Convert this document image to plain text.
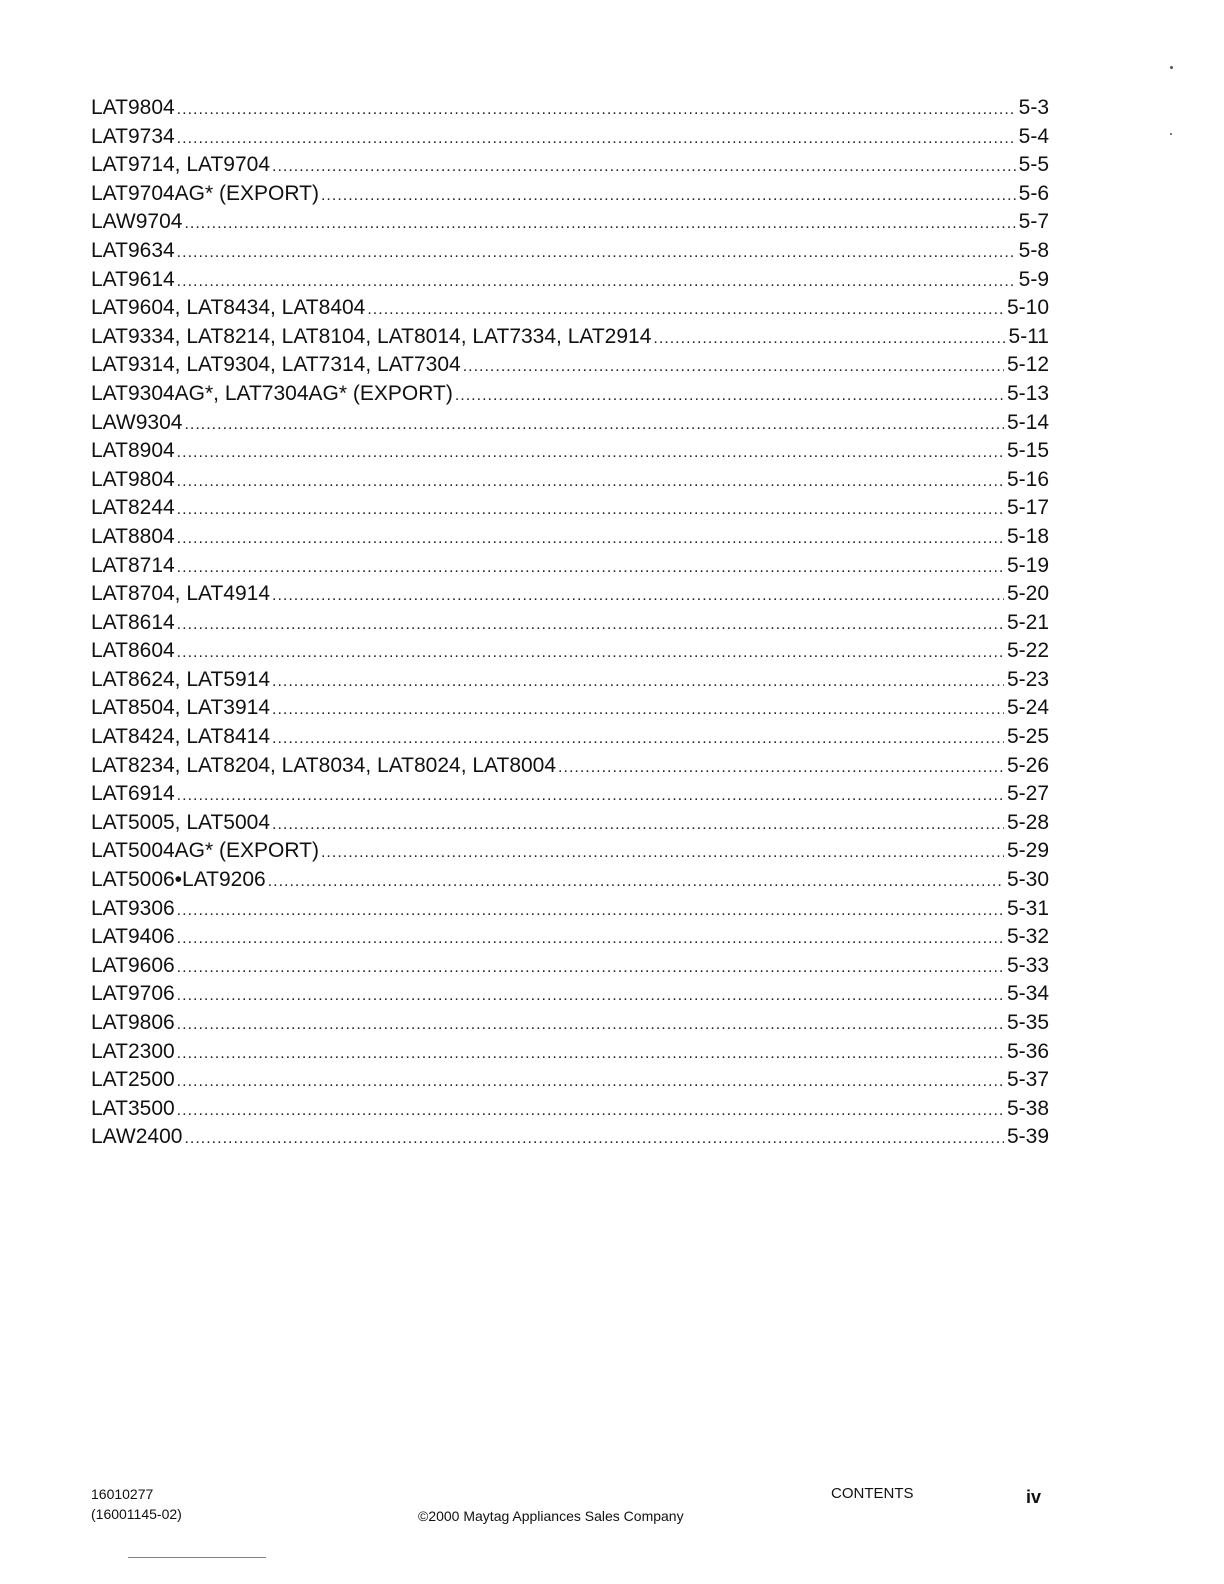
LAT9804 .....	5-3
LAT9734 .....	5-4
LAT9714, LAT9704 .....	5-5
LAT9704AG* (EXPORT) .....	5-6
LAW9704 .....	5-7
LAT9634 .....	5-8
LAT9614 .....	5-9
LAT9604, LAT8434, LAT8404 .....	5-10
LAT9334, LAT8214, LAT8104, LAT8014, LAT7334, LAT2914 .....	5-11
LAT9314, LAT9304, LAT7314, LAT7304 .....	5-12
LAT9304AG*, LAT7304AG* (EXPORT) .....	5-13
LAW9304 .....	5-14
LAT8904 .....	5-15
LAT9804 .....	5-16
LAT8244 .....	5-17
LAT8804 .....	5-18
LAT8714 .....	5-19
LAT8704, LAT4914 .....	5-20
LAT8614 .....	5-21
LAT8604 .....	5-22
LAT8624, LAT5914 .....	5-23
LAT8504, LAT3914 .....	5-24
LAT8424, LAT8414 .....	5-25
LAT8234, LAT8204, LAT8034, LAT8024, LAT8004 .....	5-26
LAT6914 .....	5-27
LAT5005, LAT5004 .....	5-28
LAT5004AG* (EXPORT) .....	5-29
LAT5006•LAT9206 .....	5-30
LAT9306 .....	5-31
LAT9406 .....	5-32
LAT9606 .....	5-33
LAT9706 .....	5-34
LAT9806 .....	5-35
LAT2300 .....	5-36
LAT2500 .....	5-37
LAT3500 .....	5-38
LAW2400 .....	5-39
16010277
(16001145-02)	©2000 Maytag Appliances Sales Company
CONTENTS	iv
